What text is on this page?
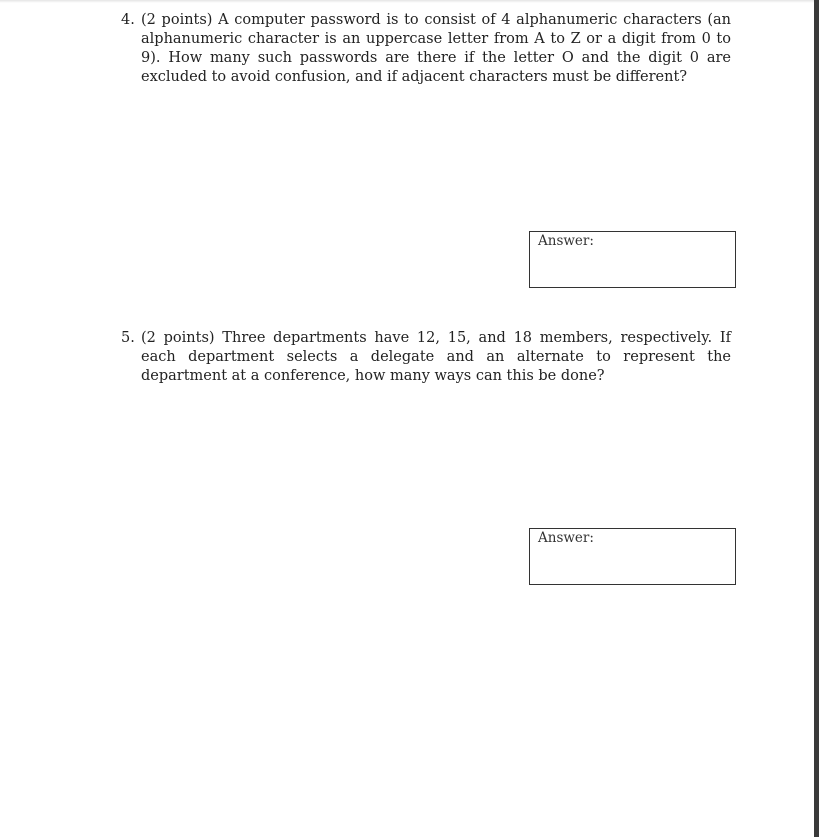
4. (2 points) A computer password is to consist of 4 alphanumeric characters (an alphanumeric character is an uppercase letter from A to Z or a digit from 0 to 9). How many such passwords are there if the letter O and the digit 0 are excluded to avoid confusion, and if adjacent characters must be different?
Answer:
5. (2 points) Three departments have 12, 15, and 18 members, respectively. If each department selects a delegate and an alternate to represent the department at a conference, how many ways can this be done?
Answer:
